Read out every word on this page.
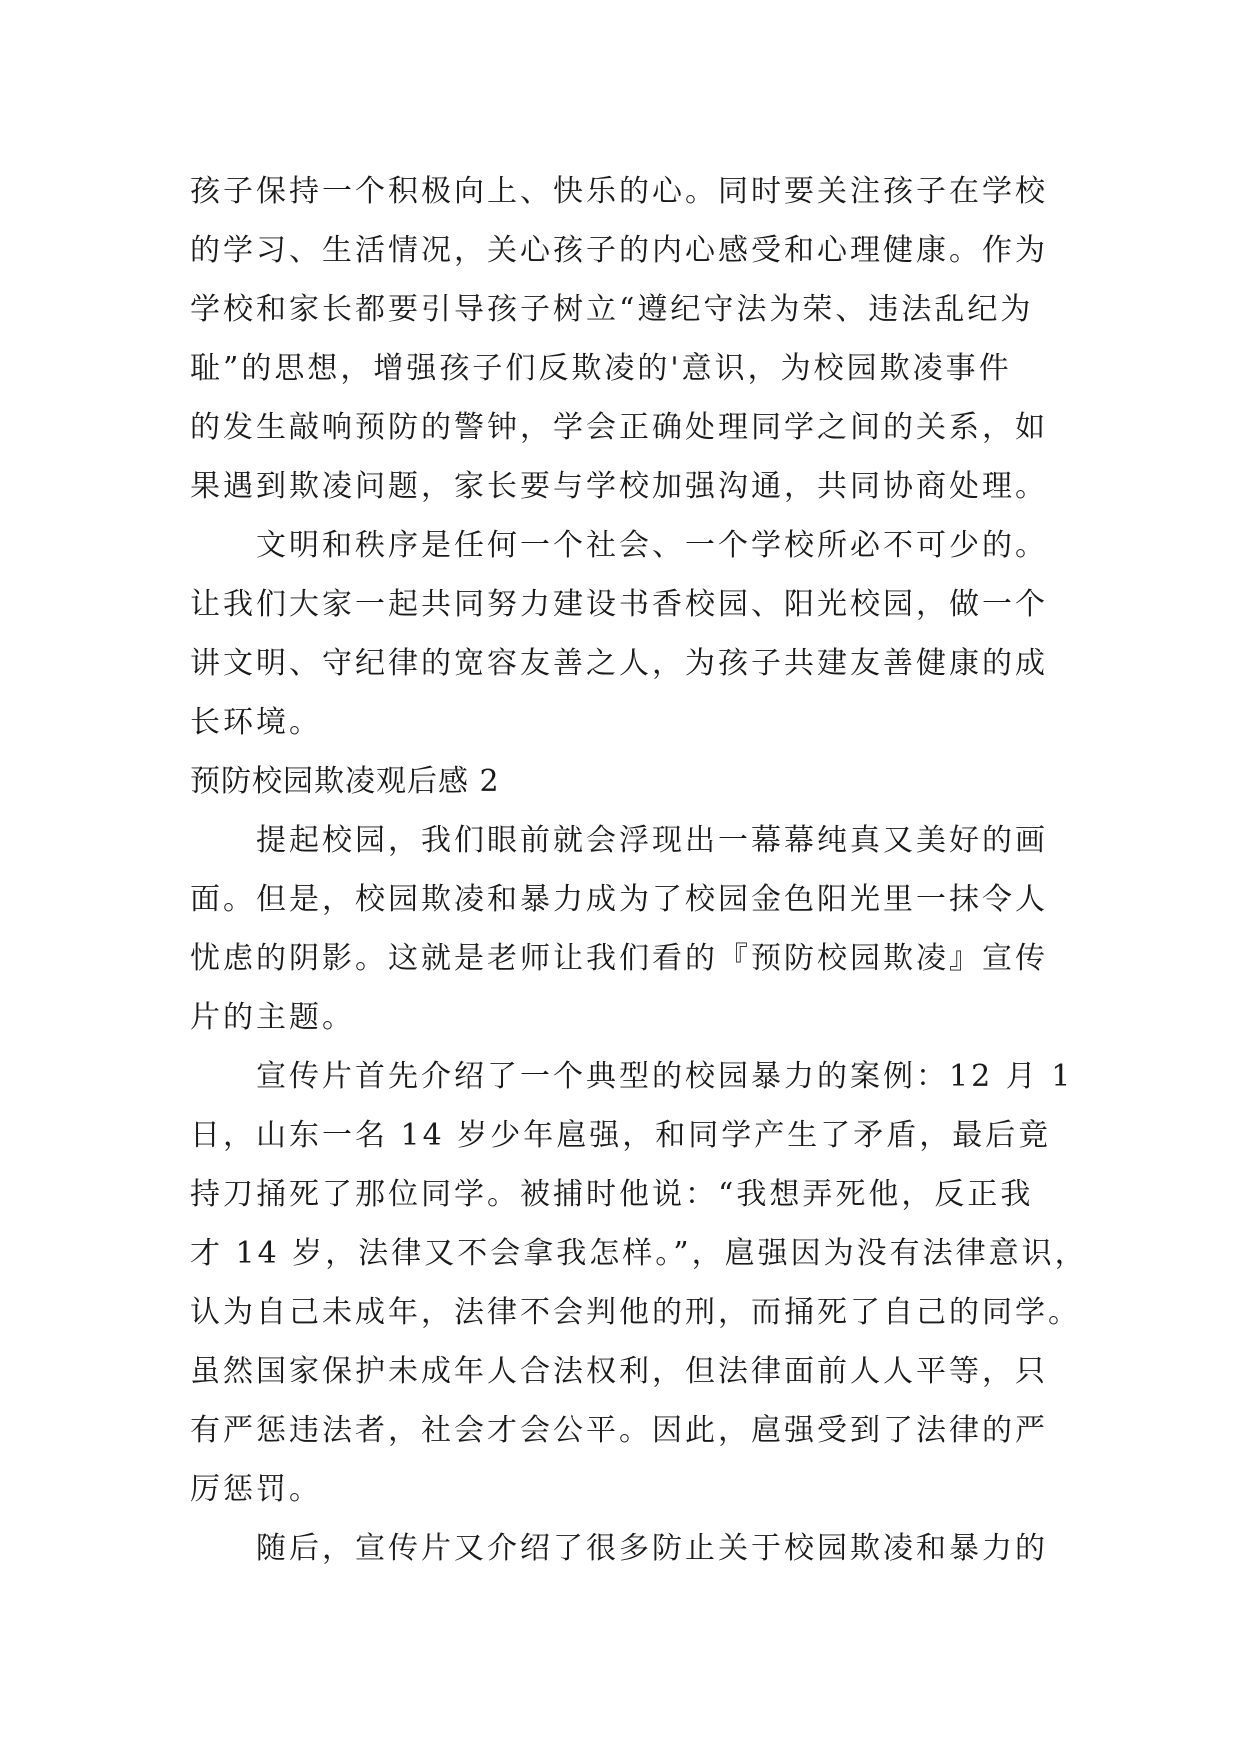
孩子保持一个积极向上、快乐的心。同时要关注孩子在学校
的学习、生活情况，关心孩子的内心感受和心理健康。作为
学校和家长都要引导孩子树立“遵纪守法为荣、违法乱纪为
耻”的思想，增强孩子们反欺凌的'意识，为校园欺凌事件
的发生敲响预防的警钟，学会正确处理同学之间的关系，如
果遇到欺凌问题，家长要与学校加强沟通，共同协商处理。
文明和秩序是任何一个社会、一个学校所必不可少的。
让我们大家一起共同努力建设书香校园、阳光校园，做一个
讲文明、守纪律的宽容友善之人，为孩子共建友善健康的成
长环境。
预防校园欺凌观后感 2
提起校园，我们眼前就会浮现出一幕幕纯真又美好的画
面。但是，校园欺凌和暴力成为了校园金色阳光里一抹令人
忧虑的阴影。这就是老师让我们看的『预防校园欺凌』宣传
片的主题。
宣传片首先介绍了一个典型的校园暴力的案例：12 月 1
日，山东一名 14 岁少年扈强，和同学产生了矛盾，最后竟
持刀捅死了那位同学。被捕时他说：“我想弄死他，反正我
才 14 岁，法律又不会拿我怎样。”，扈强因为没有法律意识，
认为自己未成年，法律不会判他的刑，而捅死了自己的同学。
虽然国家保护未成年人合法权利，但法律面前人人平等，只
有严惩违法者，社会才会公平。因此，扈强受到了法律的严
厉惩罚。
随后，宣传片又介绍了很多防止关于校园欺凌和暴力的
